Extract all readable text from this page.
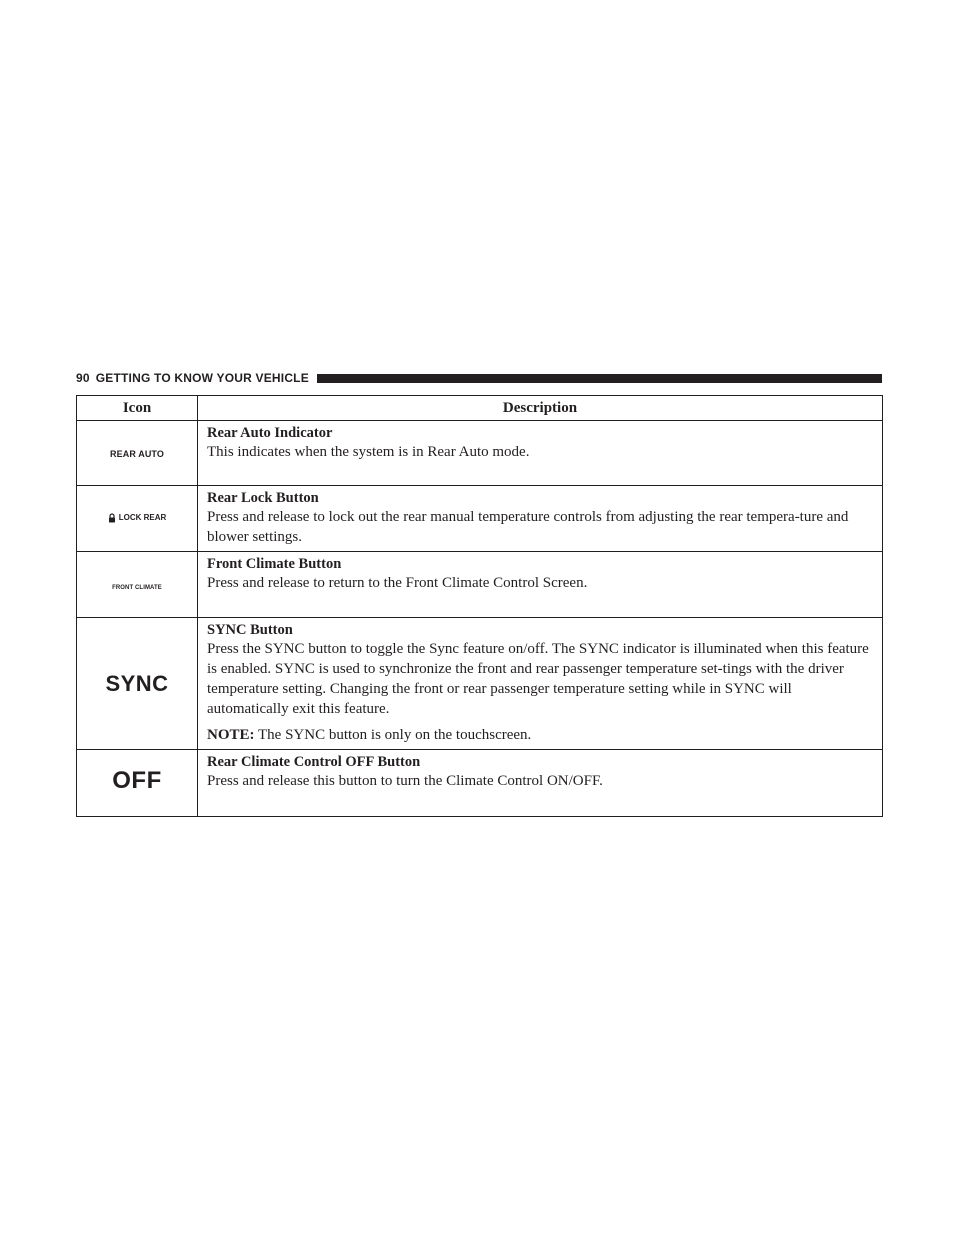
90 GETTING TO KNOW YOUR VEHICLE
Icon	Description
REAR AUTO	Rear Auto Indicator
This indicates when the system is in Rear Auto mode.

LOCK REAR	Rear Lock Button
Press and release to lock out the rear manual temperature controls from adjusting the rear tempera-ture and blower settings.

FRONT CLIMATE	Front Climate Button
Press and release to return to the Front Climate Control Screen.

SYNC	SYNC Button
Press the SYNC button to toggle the Sync feature on/off. The SYNC indicator is illuminated when this feature is enabled. SYNC is used to synchronize the front and rear passenger temperature set-tings with the driver temperature setting. Changing the front or rear passenger temperature setting while in SYNC will automatically exit this feature.
NOTE: The SYNC button is only on the touchscreen.

OFF	Rear Climate Control OFF Button
Press and release this button to turn the Climate Control ON/OFF.
